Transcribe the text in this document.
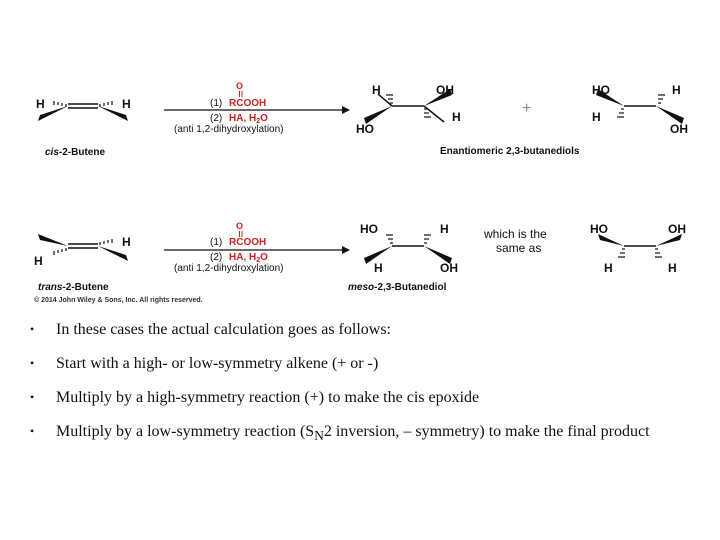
H	H
cis-2-Butene
O
(1) RCOOH
(2) HA, $H_2O$
(anti 1,2-dihydroxylation)
H	OH
HO
H	+
HO	H
H
OH
Enantiomeric 2,3-butanediols
H
H
trans-2-Butene
O
(1) RCOOH
(2) HA, $H_2O$
(anti 1,2-dihydroxylation)
HO	H
H	OH
which is the
same as
HO	OH
H	H
meso-2,3-Butanediol
© 2014 John Wiley & Sons, Inc. All rights reserved.
• In these cases the actual calculation goes as follows:
• Start with a high- or low-symmetry alkene (+ or -)
• Multiply by a high-symmetry reaction (+) to make the cis epoxide
• Multiply by a low-symmetry reaction ($S_N2$ inversion, – symmetry) to make the final product
